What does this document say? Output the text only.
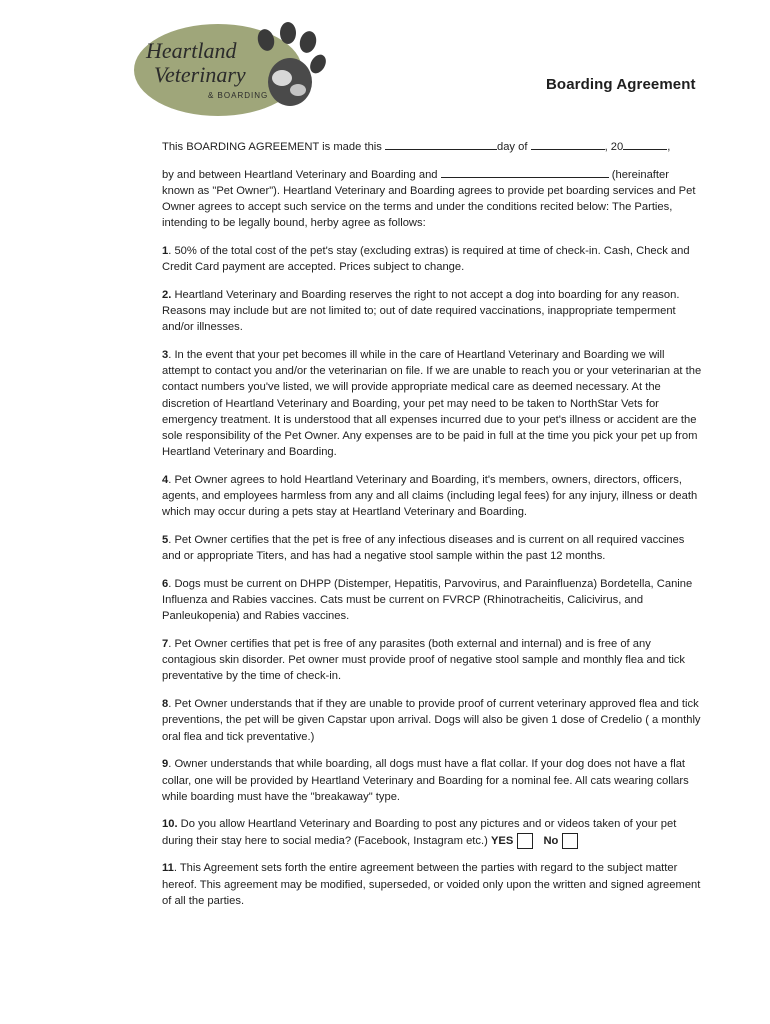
Heartland
Veterinary
& BOARDING
Boarding Agreement

This BOARDING AGREEMENT is made this	day of	, 20	,

by and between Heartland Veterinary and Boarding and	(hereinafter known as "Pet Owner"). Heartland Veterinary and Boarding agrees to provide pet boarding services and Pet Owner agrees to accept such service on the terms and under the conditions recited below: The Parties, intending to be legally bound, herby agree as follows:

1. 50% of the total cost of the pet's stay (excluding extras) is required at time of check-in. Cash, Check and Credit Card payment are accepted. Prices subject to change.

2. Heartland Veterinary and Boarding reserves the right to not accept a dog into boarding for any reason. Reasons may include but are not limited to; out of date required vaccinations, inappropriate temperment and/or illnesses.

3. In the event that your pet becomes ill while in the care of Heartland Veterinary and Boarding we will attempt to contact you and/or the veterinarian on file. If we are unable to reach you or your veterinarian at the contact numbers you've listed, we will provide appropriate medical care as deemed necessary. At the discretion of Heartland Veterinary and Boarding, your pet may need to be taken to NorthStar Vets for emergency treatment. It is understood that all expenses incurred due to your pet's illness or accident are the sole responsibility of the Pet Owner. Any expenses are to be paid in full at the time you pick your pet up from Heartland Veterinary and Boarding.

4. Pet Owner agrees to hold Heartland Veterinary and Boarding, it's members, owners, directors, officers, agents, and employees harmless from any and all claims (including legal fees) for any injury, illness or death which may occur during a pets stay at Heartland Veterinary and Boarding.

5. Pet Owner certifies that the pet is free of any infectious diseases and is current on all required vaccines and or appropriate Titers, and has had a negative stool sample within the past 12 months.

6. Dogs must be current on DHPP (Distemper, Hepatitis, Parvovirus, and Parainfluenza) Bordetella, Canine Influenza and Rabies vaccines. Cats must be current on FVRCP (Rhinotracheitis, Calicivirus, and Panleukopenia) and Rabies vaccines.

7. Pet Owner certifies that pet is free of any parasites (both external and internal) and is free of any contagious skin disorder. Pet owner must provide proof of negative stool sample and monthly flea and tick preventative by the time of check-in.

8. Pet Owner understands that if they are unable to provide proof of current veterinary approved flea and tick preventions, the pet will be given Capstar upon arrival. Dogs will also be given 1 dose of Credelio ( a monthly oral flea and tick preventative.)

9. Owner understands that while boarding, all dogs must have a flat collar. If your dog does not have a flat collar, one will be provided by Heartland Veterinary and Boarding for a nominal fee. All cats wearing collars while boarding must have the "breakaway" type.

10. Do you allow Heartland Veterinary and Boarding to post any pictures and or videos taken of your pet during their stay here to social media? (Facebook, Instagram etc.) YES	No

11. This Agreement sets forth the entire agreement between the parties with regard to the subject matter hereof. This agreement may be modified, superseded, or voided only upon the written and signed agreement of all the parties.
